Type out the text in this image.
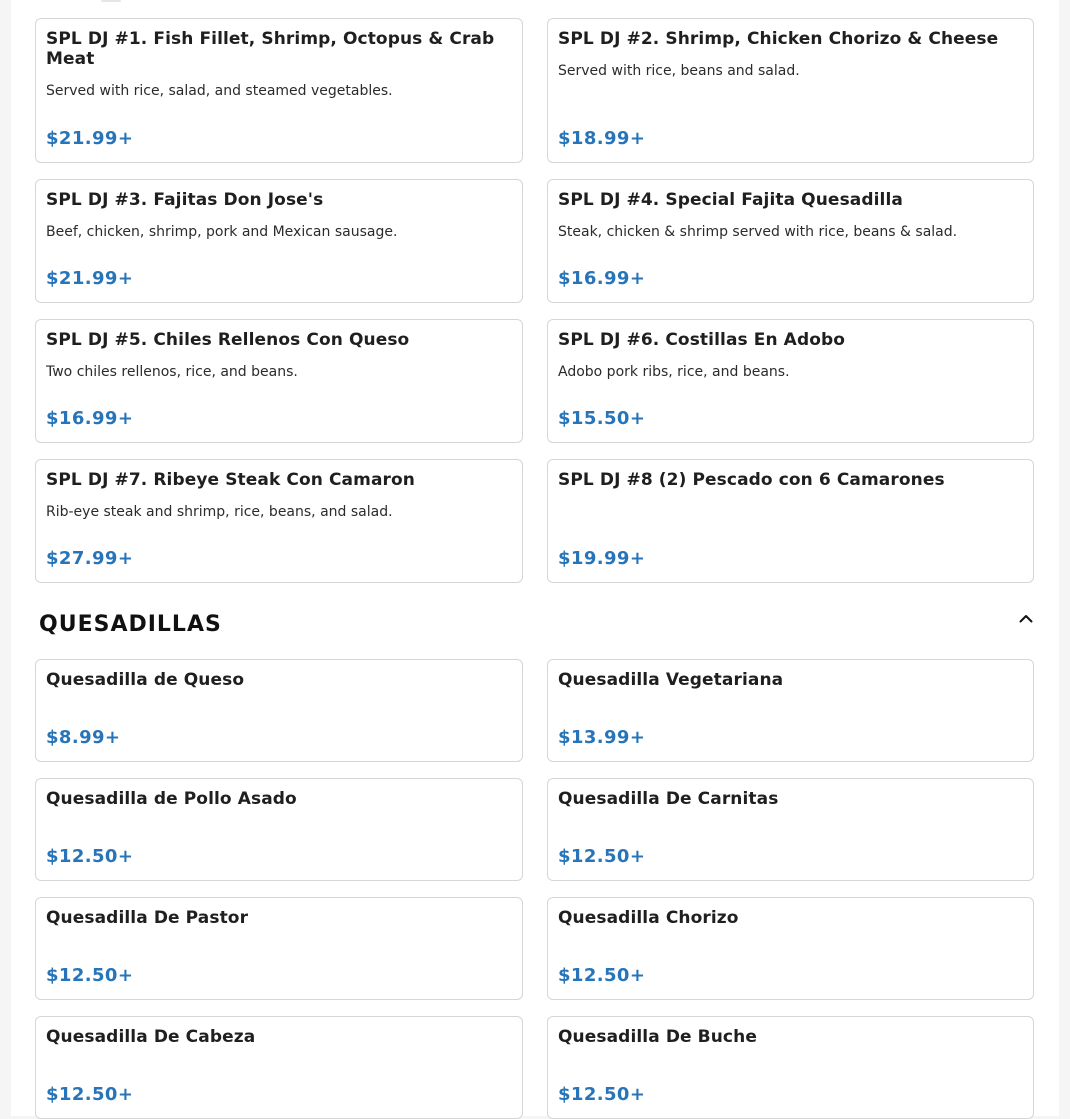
SPL DJ #1. Fish Fillet, Shrimp, Octopus & Crab Meat
Served with rice, salad, and steamed vegetables.
$21.99+
SPL DJ #2. Shrimp, Chicken Chorizo & Cheese
Served with rice, beans and salad.
$18.99+
SPL DJ #3. Fajitas Don Jose's
Beef, chicken, shrimp, pork and Mexican sausage.
$21.99+
SPL DJ #4. Special Fajita Quesadilla
Steak, chicken & shrimp served with rice, beans & salad.
$16.99+
SPL DJ #5. Chiles Rellenos Con Queso
Two chiles rellenos, rice, and beans.
$16.99+
SPL DJ #6. Costillas En Adobo
Adobo pork ribs, rice, and beans.
$15.50+
SPL DJ #7. Ribeye Steak Con Camaron
Rib-eye steak and shrimp, rice, beans, and salad.
$27.99+
SPL DJ #8 (2) Pescado con 6 Camarones
$19.99+
QUESADILLAS
Quesadilla de Queso
$8.99+
Quesadilla Vegetariana
$13.99+
Quesadilla de Pollo Asado
$12.50+
Quesadilla De Carnitas
$12.50+
Quesadilla De Pastor
$12.50+
Quesadilla Chorizo
$12.50+
Quesadilla De Cabeza
$12.50+
Quesadilla De Buche
$12.50+
